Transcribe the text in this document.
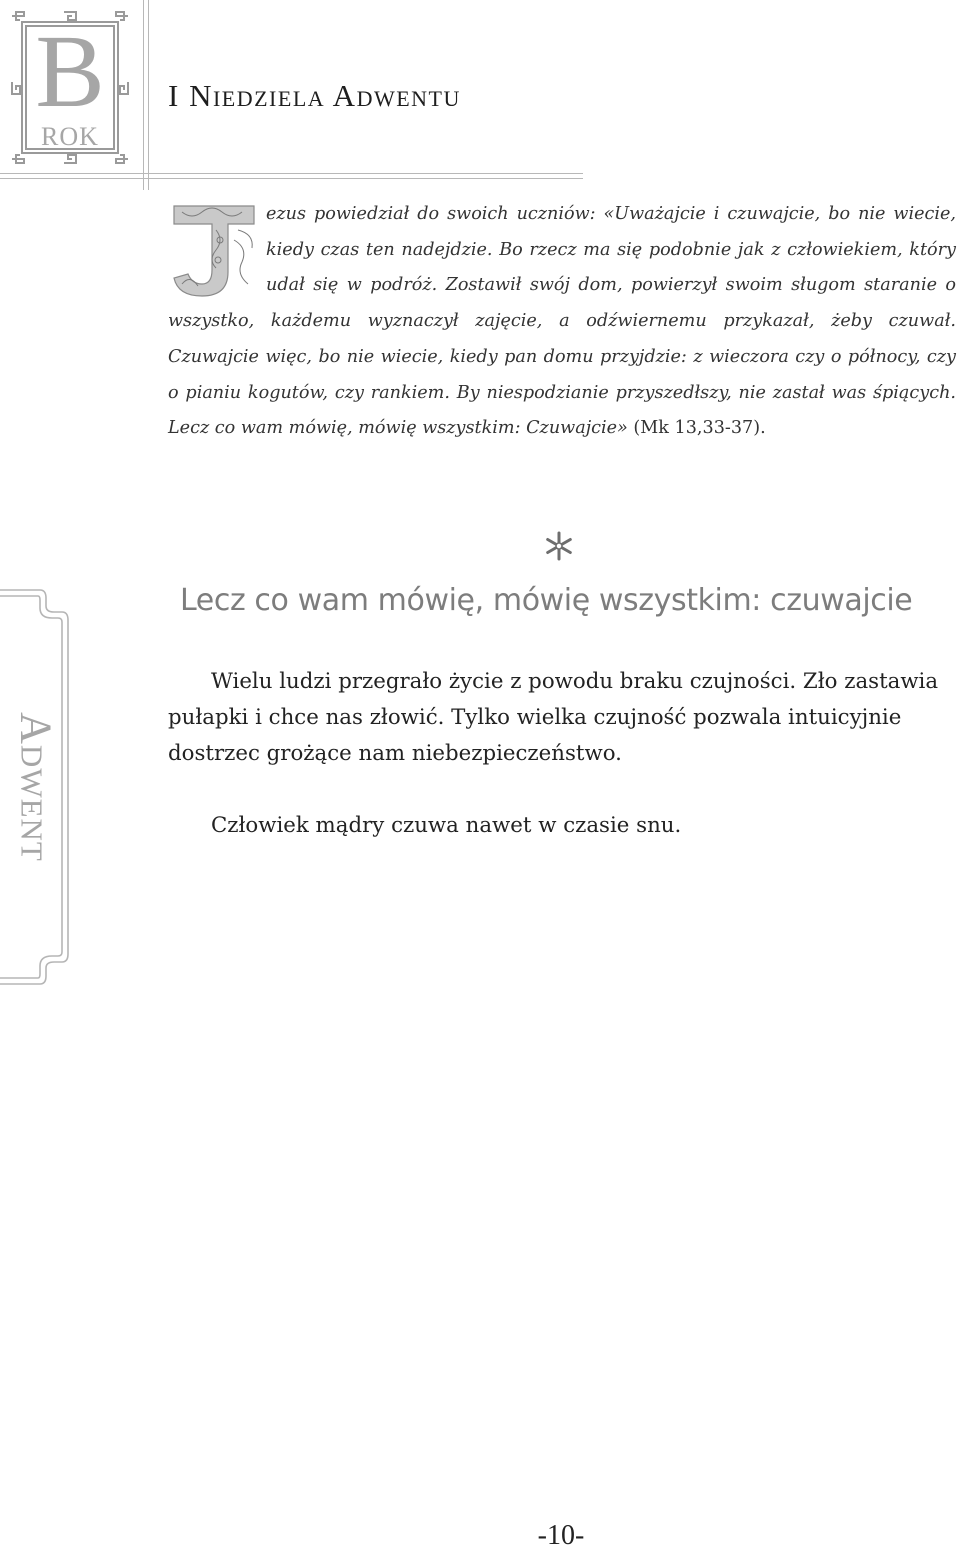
B
ROK
I Niedziela Adwentu

ezus powiedział do swoich uczniów: «Uważajcie i czuwajcie, bo nie wiecie, kiedy czas ten nadejdzie. Bo rzecz ma się podobnie jak z człowiekiem, który udał się w podróż. Zostawił swój dom, powierzył swoim sługom staranie o wszystko, każdemu wyznaczył zajęcie, a odźwiernemu przykazał, żeby czuwał. Czuwajcie więc, bo nie wiecie, kiedy pan domu przyjdzie: z wieczora czy o północy, czy o pianiu kogutów, czy rankiem. By niespodzianie przyszedłszy, nie zastał was śpiących. Lecz co wam mówię, mówię wszystkim: Czuwajcie» (Mk 13,33-37).

Adwent
Lecz co wam mówię, mówię wszystkim: czuwajcie

Wielu ludzi przegrało życie z powodu braku czujności. Zło zastawia pułapki i chce nas złowić. Tylko wielka czujność pozwala intuicyjnie dostrzec grożące nam niebezpieczeństwo.

Człowiek mądry czuwa nawet w czasie snu.

-10-
